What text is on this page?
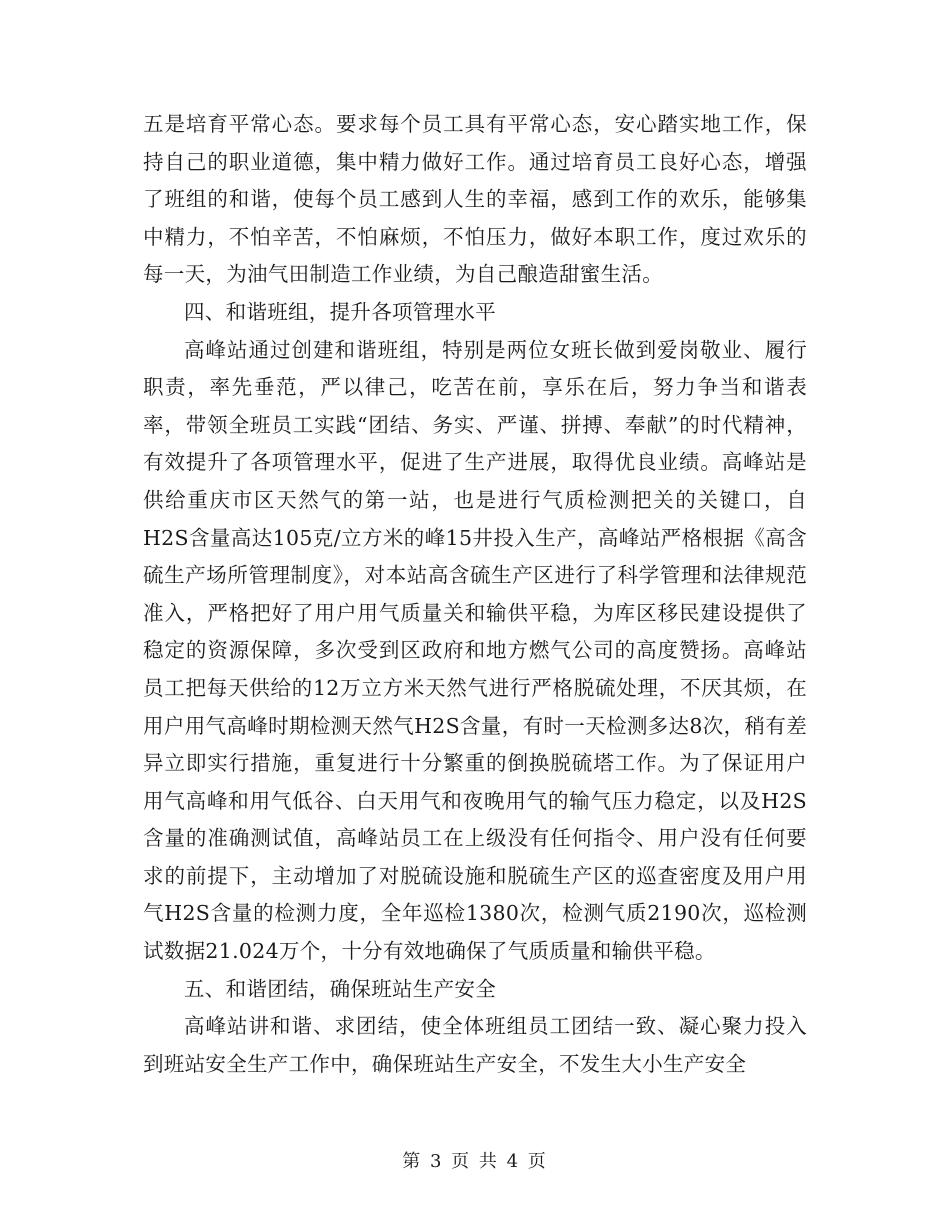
五是培育平常心态。要求每个员工具有平常心态，安心踏实地工作，保持自己的职业道德，集中精力做好工作。通过培育员工良好心态，增强了班组的和谐，使每个员工感到人生的幸福，感到工作的欢乐，能够集中精力，不怕辛苦，不怕麻烦，不怕压力，做好本职工作，度过欢乐的每一天，为油气田制造工作业绩，为自己酿造甜蜜生活。

四、和谐班组，提升各项管理水平

高峰站通过创建和谐班组，特别是两位女班长做到爱岗敬业、履行职责，率先垂范，严以律己，吃苦在前，享乐在后，努力争当和谐表率，带领全班员工实践“团结、务实、严谨、拼搏、奉献”的时代精神，有效提升了各项管理水平，促进了生产进展，取得优良业绩。高峰站是供给重庆市区天然气的第一站，也是进行气质检测把关的关键口，自H2S含量高达105克/立方米的峰15井投入生产，高峰站严格根据《高含硫生产场所管理制度》，对本站高含硫生产区进行了科学管理和法律规范准入，严格把好了用户用气质量关和输供平稳，为库区移民建设提供了稳定的资源保障，多次受到区政府和地方燃气公司的高度赞扬。高峰站员工把每天供给的12万立方米天然气进行严格脱硫处理，不厌其烦，在用户用气高峰时期检测天然气H2S含量，有时一天检测多达8次，稍有差异立即实行措施，重复进行十分繁重的倒换脱硫塔工作。为了保证用户用气高峰和用气低谷、白天用气和夜晚用气的输气压力稳定，以及H2S含量的准确测试值，高峰站员工在上级没有任何指令、用户没有任何要求的前提下，主动增加了对脱硫设施和脱硫生产区的巡查密度及用户用气H2S含量的检测力度，全年巡检1380次，检测气质2190次，巡检测试数据21.024万个，十分有效地确保了气质质量和输供平稳。

五、和谐团结，确保班站生产安全

高峰站讲和谐、求团结，使全体班组员工团结一致、凝心聚力投入到班站安全生产工作中，确保班站生产安全，不发生大小生产安全

第 3 页 共 4 页
